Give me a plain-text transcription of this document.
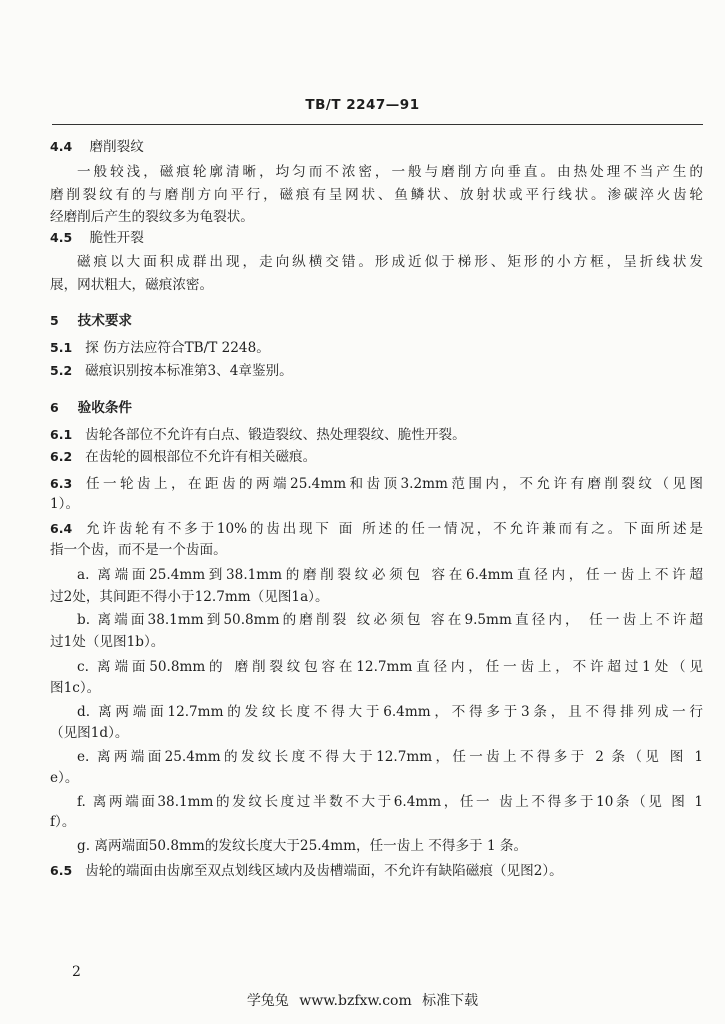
TB/T 2247—91
4.4 磨削裂纹
一般较浅，磁痕轮廓清晰，均匀而不浓密，一般与磨削方向垂直。由热处理不当产生的
磨削裂纹有的与磨削方向平行，磁痕有呈网状、鱼鳞状、放射状或平行线状。渗碳淬火齿轮
经磨削后产生的裂纹多为龟裂状。
4.5 脆性开裂
磁痕以大面积成群出现，走向纵横交错。形成近似于梯形、矩形的小方框，呈折线状发
展，网状粗大，磁痕浓密。
5 技术要求
5.1 探 伤方法应符合TB/T 2248。
5.2 磁痕识别按本标准第3、4章鉴别。
6 验收条件
6.1 齿轮各部位不允许有白点、锻造裂纹、热处理裂纹、脆性开裂。
6.2 在齿轮的圆根部位不允许有相关磁痕。
6.3 任一轮齿上，在距齿的两端25.4mm和齿顶3.2mm范围内，不允许有磨削裂纹（见图
1）。
6.4 允许齿轮有不多于10%的齿出现下 面 所述的任一情况，不允许兼而有之。下面所述是
指一个齿，而不是一个齿面。
a. 离端面25.4mm到38.1mm的磨削裂纹必须包 容在6.4mm直径内，任一齿上不许超
过2处，其间距不得小于12.7mm（见图1a）。
b. 离端面38.1mm到50.8mm的磨削裂 纹必须包 容在9.5mm直径内， 任一齿上不许超
过1处（见图1b）。
c. 离端面50.8mm的 磨削裂纹包容在12.7mm直径内，任一齿上，不许超过1处（见
图1c）。
d. 离两端面12.7mm的发纹长度不得大于6.4mm，不得多于3条，且不得排列成一行
（见图1d）。
e. 离两端面25.4mm的发纹长度不得大于12.7mm，任一齿上不得多于 2 条（见 图 1
e）。
f. 离两端面38.1mm的发纹长度过半数不大于6.4mm，任一 齿上不得多于10条（见 图 1
f）。
g. 离两端面50.8mm的发纹长度大于25.4mm，任一齿上 不得多于 1 条。
6.5 齿轮的端面由齿廓至双点划线区域内及齿槽端面，不允许有缺陷磁痕（见图2）。
2
学兔兔 www.bzfxw.com 标准下载
